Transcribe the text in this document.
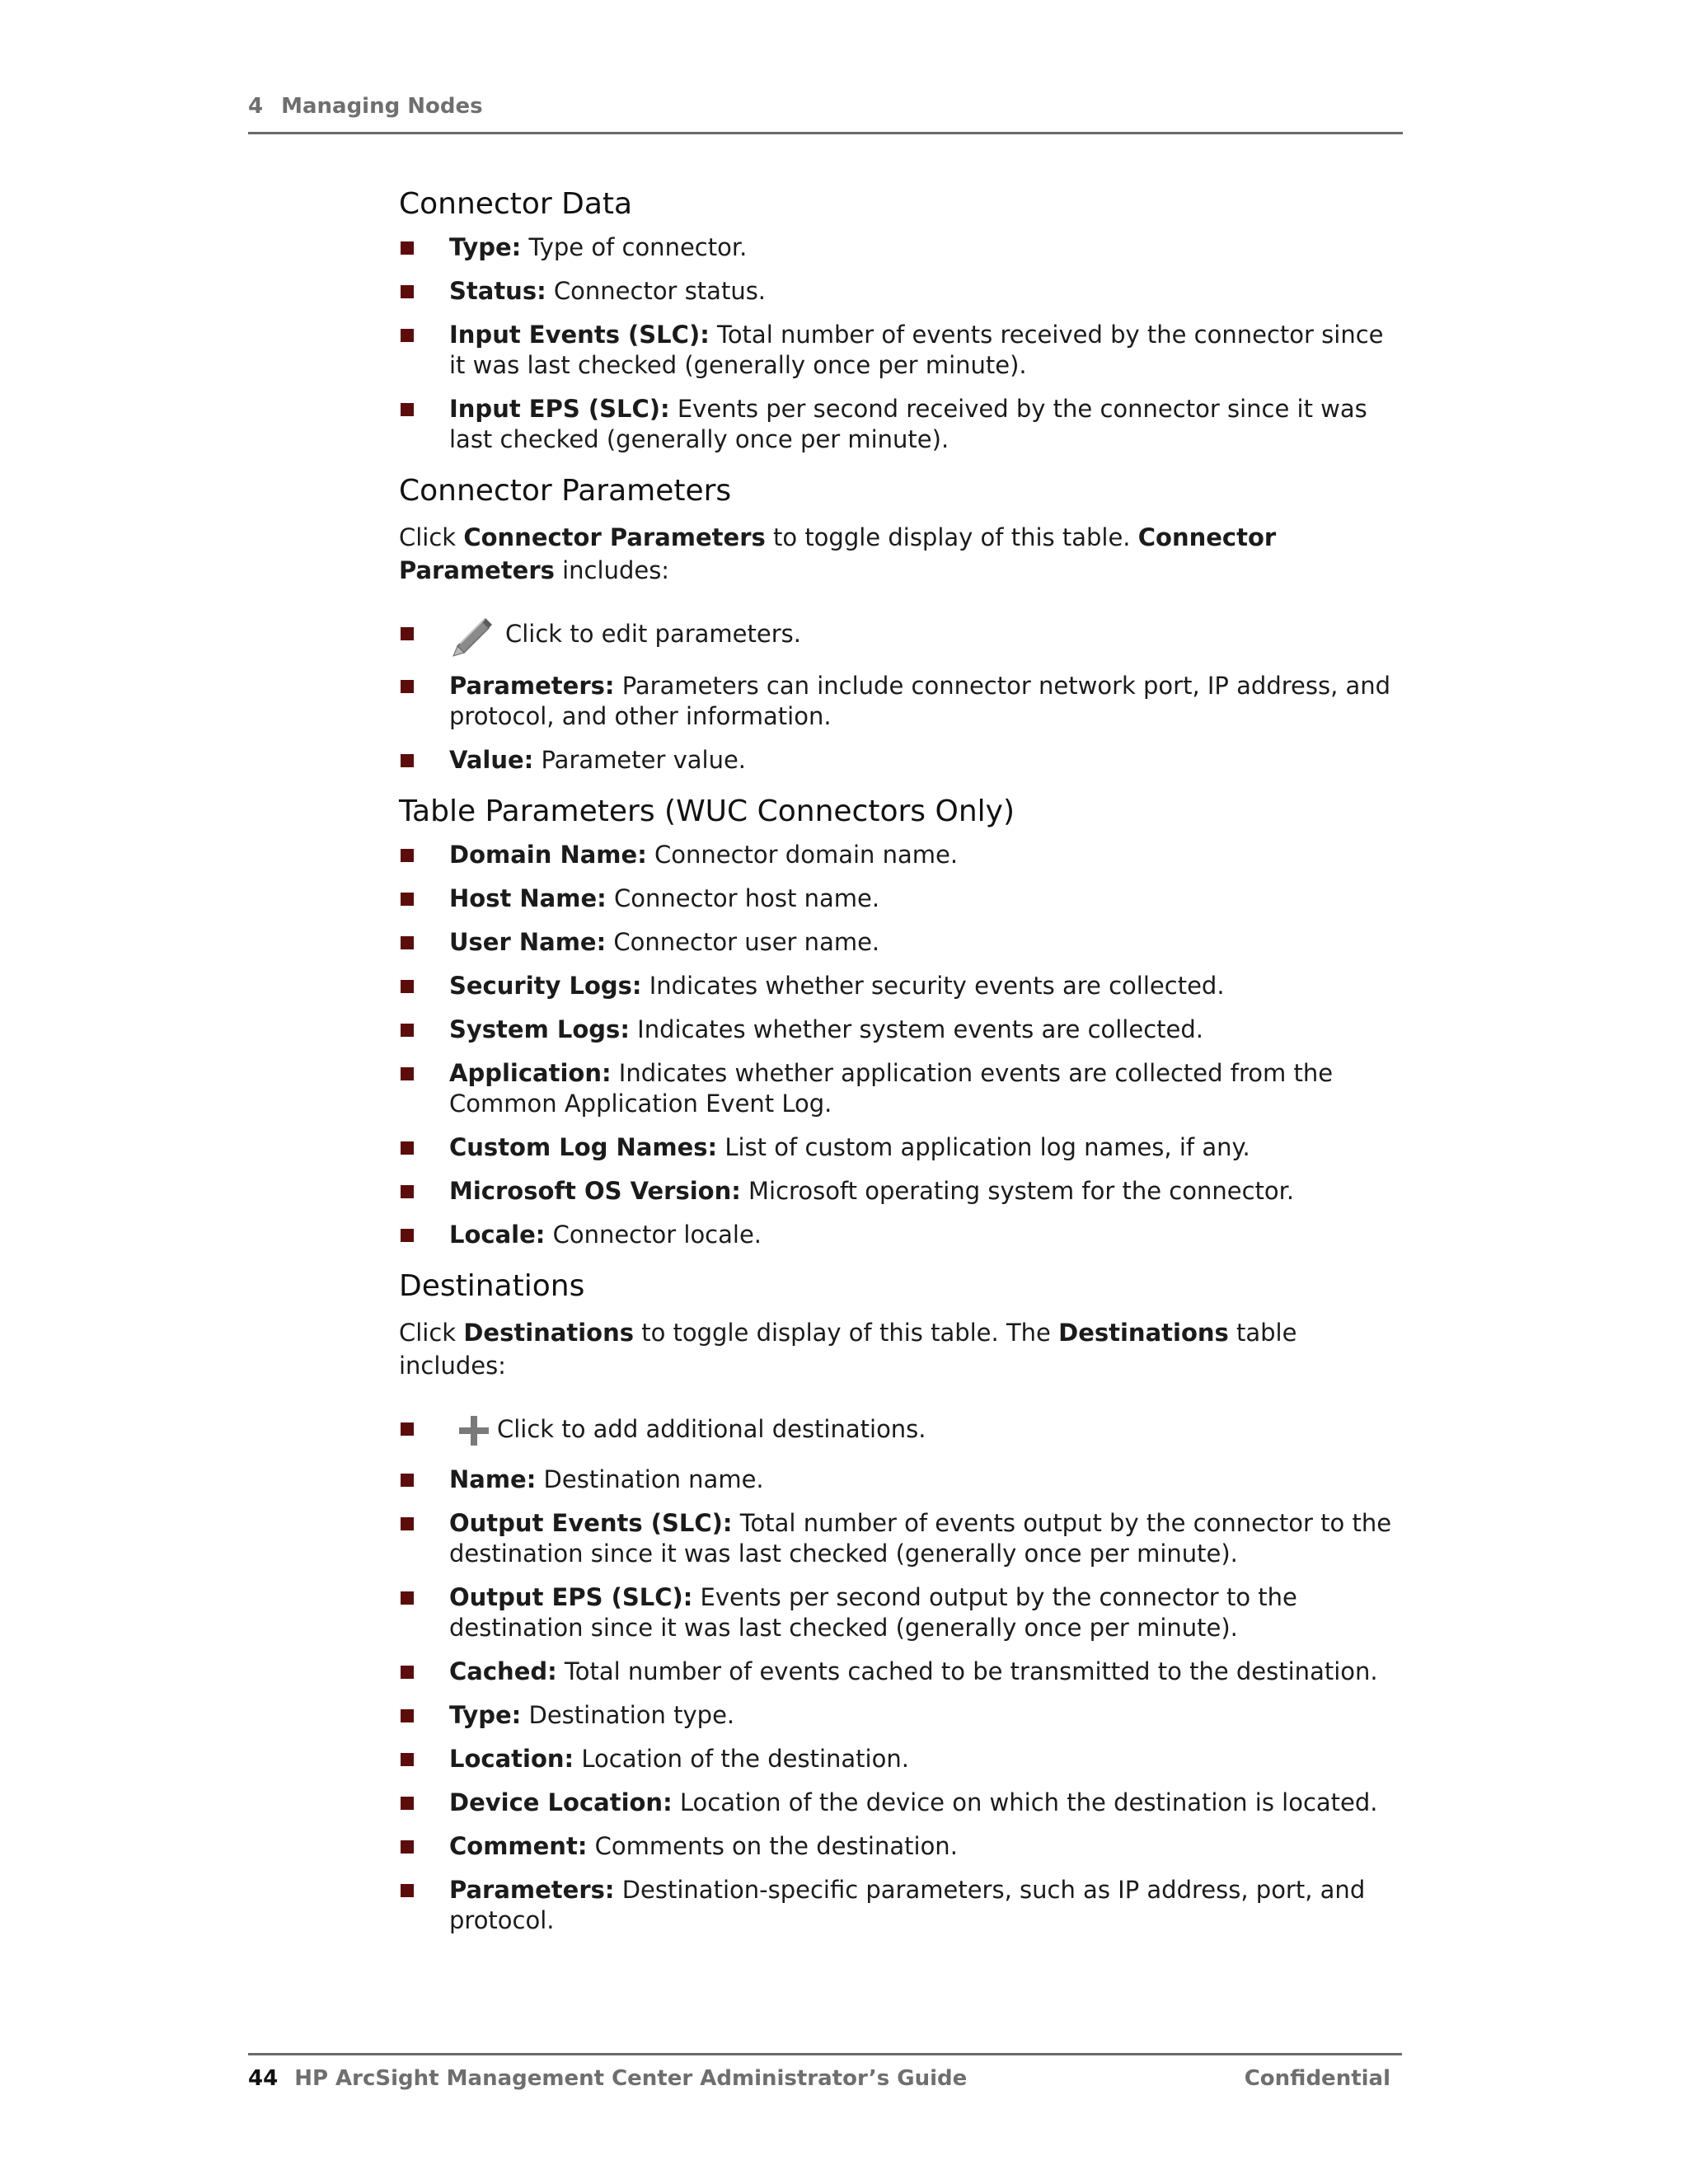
4 Managing Nodes
Connector Data
Type: Type of connector.
Status: Connector status.
Input Events (SLC): Total number of events received by the connector since it was last checked (generally once per minute).
Input EPS (SLC): Events per second received by the connector since it was last checked (generally once per minute).
Connector Parameters

Click Connector Parameters to toggle display of this table. Connector Parameters includes:

Click to edit parameters.
Parameters: Parameters can include connector network port, IP address, and protocol, and other information.
Value: Parameter value.
Table Parameters (WUC Connectors Only)
Domain Name: Connector domain name.
Host Name: Connector host name.
User Name: Connector user name.
Security Logs: Indicates whether security events are collected.
System Logs: Indicates whether system events are collected.
Application: Indicates whether application events are collected from the Common Application Event Log.
Custom Log Names: List of custom application log names, if any.
Microsoft OS Version: Microsoft operating system for the connector.
Locale: Connector locale.
Destinations

Click Destinations to toggle display of this table. The Destinations table includes:

Click to add additional destinations.
Name: Destination name.
Output Events (SLC): Total number of events output by the connector to the destination since it was last checked (generally once per minute).
Output EPS (SLC): Events per second output by the connector to the destination since it was last checked (generally once per minute).
Cached: Total number of events cached to be transmitted to the destination.
Type: Destination type.
Location: Location of the destination.
Device Location: Location of the device on which the destination is located.
Comment: Comments on the destination.
Parameters: Destination-specific parameters, such as IP address, port, and protocol.
44 HP ArcSight Management Center Administrator’s Guide	Confidential
